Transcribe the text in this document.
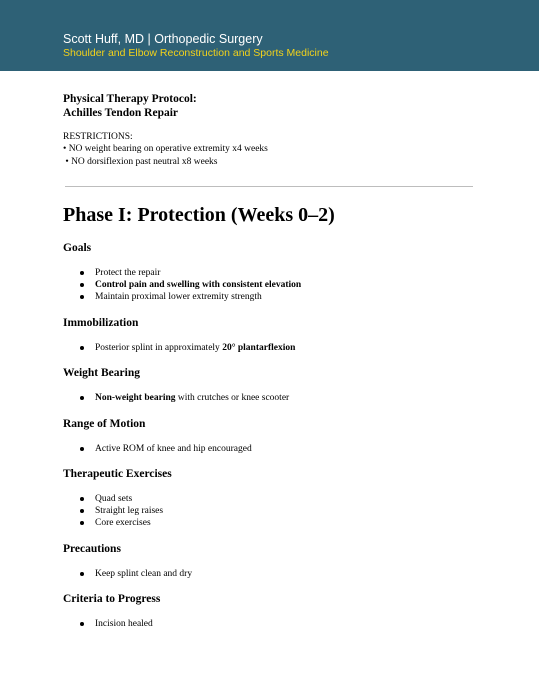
Scott Huff, MD | Orthopedic Surgery
Shoulder and Elbow Reconstruction and Sports Medicine
Physical Therapy Protocol:
Achilles Tendon Repair
RESTRICTIONS:
• NO weight bearing on operative extremity x4 weeks
• NO dorsiflexion past neutral x8 weeks
Phase I: Protection (Weeks 0–2)
Goals
Protect the repair
Control pain and swelling with consistent elevation
Maintain proximal lower extremity strength
Immobilization
Posterior splint in approximately 20° plantarflexion
Weight Bearing
Non-weight bearing with crutches or knee scooter
Range of Motion
Active ROM of knee and hip encouraged
Therapeutic Exercises
Quad sets
Straight leg raises
Core exercises
Precautions
Keep splint clean and dry
Criteria to Progress
Incision healed
